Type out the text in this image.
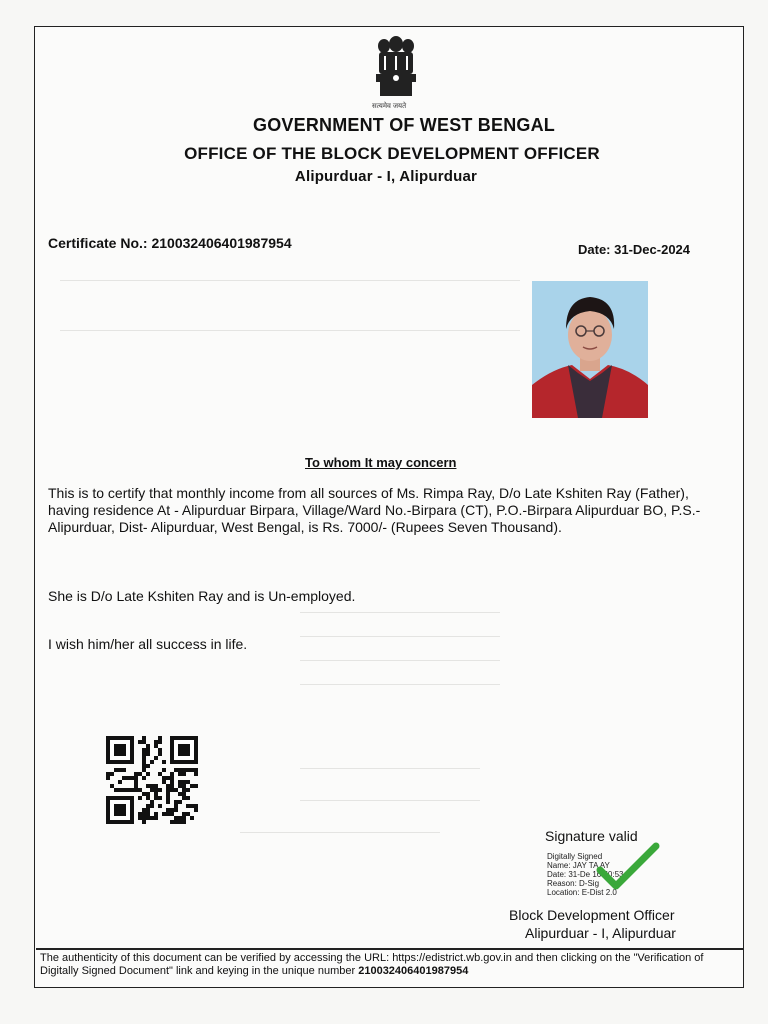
सत्यमेव जयते
GOVERNMENT OF WEST BENGAL
OFFICE OF THE BLOCK DEVELOPMENT OFFICER
Alipurduar - I, Alipurduar
Certificate No.: 210032406401987954	Date: 31-Dec-2024
To whom It may concern
This is to certify that monthly income from all sources of Ms. Rimpa Ray, D/o Late Kshiten Ray (Father), having residence At - Alipurduar Birpara, Village/Ward No.-Birpara (CT), P.O.-Birpara Alipurduar BO, P.S.-Alipurduar, Dist- Alipurduar, West Bengal, is Rs. 7000/- (Rupees Seven Thousand).
She is D/o Late Kshiten Ray and is Un-employed.
I wish him/her all success in life.
Signature valid
Digitally Signed
Name: JAY TA AY
Date: 31-De 16:50:53
Reason: D-Sig
Location: E-Dist 2.0
Block Development Officer
Alipurduar - I, Alipurduar
The authenticity of this document can be verified by accessing the URL: https://edistrict.wb.gov.in and then clicking on the "Verification of Digitally Signed Document" link and keying in the unique number 210032406401987954
